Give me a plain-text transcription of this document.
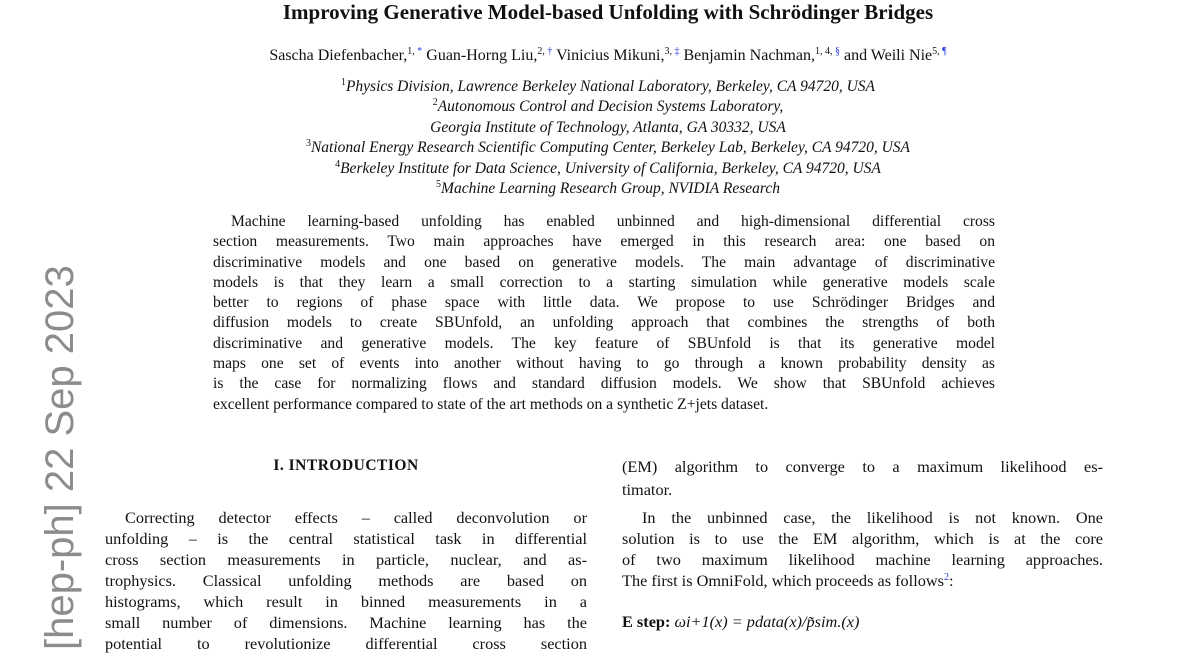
Improving Generative Model-based Unfolding with Schrödinger Bridges
Sascha Diefenbacher,$^{1,}$ * Guan-Horng Liu,$^{2,}$ † Vinicius Mikuni,$^{3,}$ ‡ Benjamin Nachman,$^{1, 4,}$ § and Weili Nie$^{5,}$ ¶
$^1$Physics Division, Lawrence Berkeley National Laboratory, Berkeley, CA 94720, USA
$^2$Autonomous Control and Decision Systems Laboratory,
Georgia Institute of Technology, Atlanta, GA 30332, USA
$^3$National Energy Research Scientific Computing Center, Berkeley Lab, Berkeley, CA 94720, USA
$^4$Berkeley Institute for Data Science, University of California, Berkeley, CA 94720, USA
$^5$Machine Learning Research Group, NVIDIA Research
Machine learning-based unfolding has enabled unbinned and high-dimensional differential cross
section measurements. Two main approaches have emerged in this research area: one based on
discriminative models and one based on generative models. The main advantage of discriminative
models is that they learn a small correction to a starting simulation while generative models scale
better to regions of phase space with little data. We propose to use Schrödinger Bridges and
diffusion models to create SBUnfold, an unfolding approach that combines the strengths of both
discriminative and generative models. The key feature of SBUnfold is that its generative model
maps one set of events into another without having to go through a known probability density as
is the case for normalizing flows and standard diffusion models. We show that SBUnfold achieves
excellent performance compared to state of the art methods on a synthetic Z+jets dataset.
I. INTRODUCTION
Correcting detector effects – called deconvolution or
unfolding – is the central statistical task in differential
cross section measurements in particle, nuclear, and as-
trophysics. Classical unfolding methods are based on
histograms, which result in binned measurements in a
small number of dimensions. Machine learning has the
potential to revolutionize differential cross section
(EM) algorithm to converge to a maximum likelihood es-
timator.
In the unbinned case, the likelihood is not known. One
solution is to use the EM algorithm, which is at the core
of two maximum likelihood machine learning approaches.
The first is OmniFold, which proceeds as follows$^2$:
E step: ωi+1(x) = pdata(x)/p̃sim.(x)
[hep-ph] 22 Sep 2023
